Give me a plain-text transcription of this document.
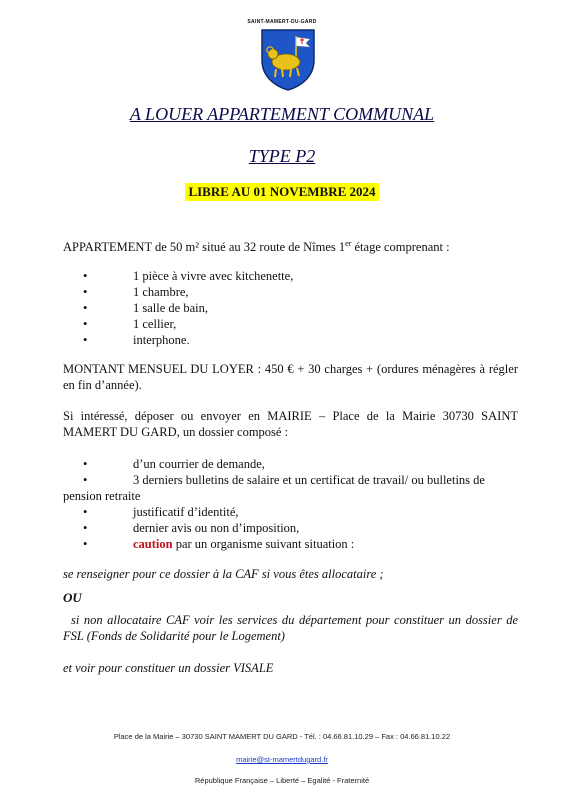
SAINT-MAMERT-DU-GARD
A LOUER APPARTEMENT COMMUNAL
TYPE P2
LIBRE AU 01 NOVEMBRE 2024
APPARTEMENT de 50 m² situé au 32 route de Nîmes 1er étage comprenant :
•	1 pièce à vivre avec kitchenette,
•	1 chambre,
•	1 salle de bain,
•	1 cellier,
•	interphone.
MONTANT MENSUEL DU LOYER : 450 € + 30 charges + (ordures ménagères à régler en fin d’année).
Si intéressé, déposer ou envoyer en MAIRIE – Place de la Mairie 30730 SAINT MAMERT DU GARD, un dossier composé :
•	d’un courrier de demande,
•	3 derniers bulletins de salaire et un certificat de travail/ ou bulletins de pension retraite
•	justificatif d’identité,
•	dernier avis ou non d’imposition,
•	caution par un organisme suivant situation :
se renseigner pour ce dossier à la CAF si vous êtes allocataire ;
OU
si non allocataire CAF voir les services du département pour constituer un dossier de FSL (Fonds de Solidarité pour le Logement)
et voir pour constituer un dossier VISALE
Place de la Mairie – 30730 SAINT MAMERT DU GARD - Tél. : 04.66.81.10.29 – Fax : 04.66.81.10.22
mairie@st-mamertdugard.fr
République Française – Liberté – Egalité - Fraternité
